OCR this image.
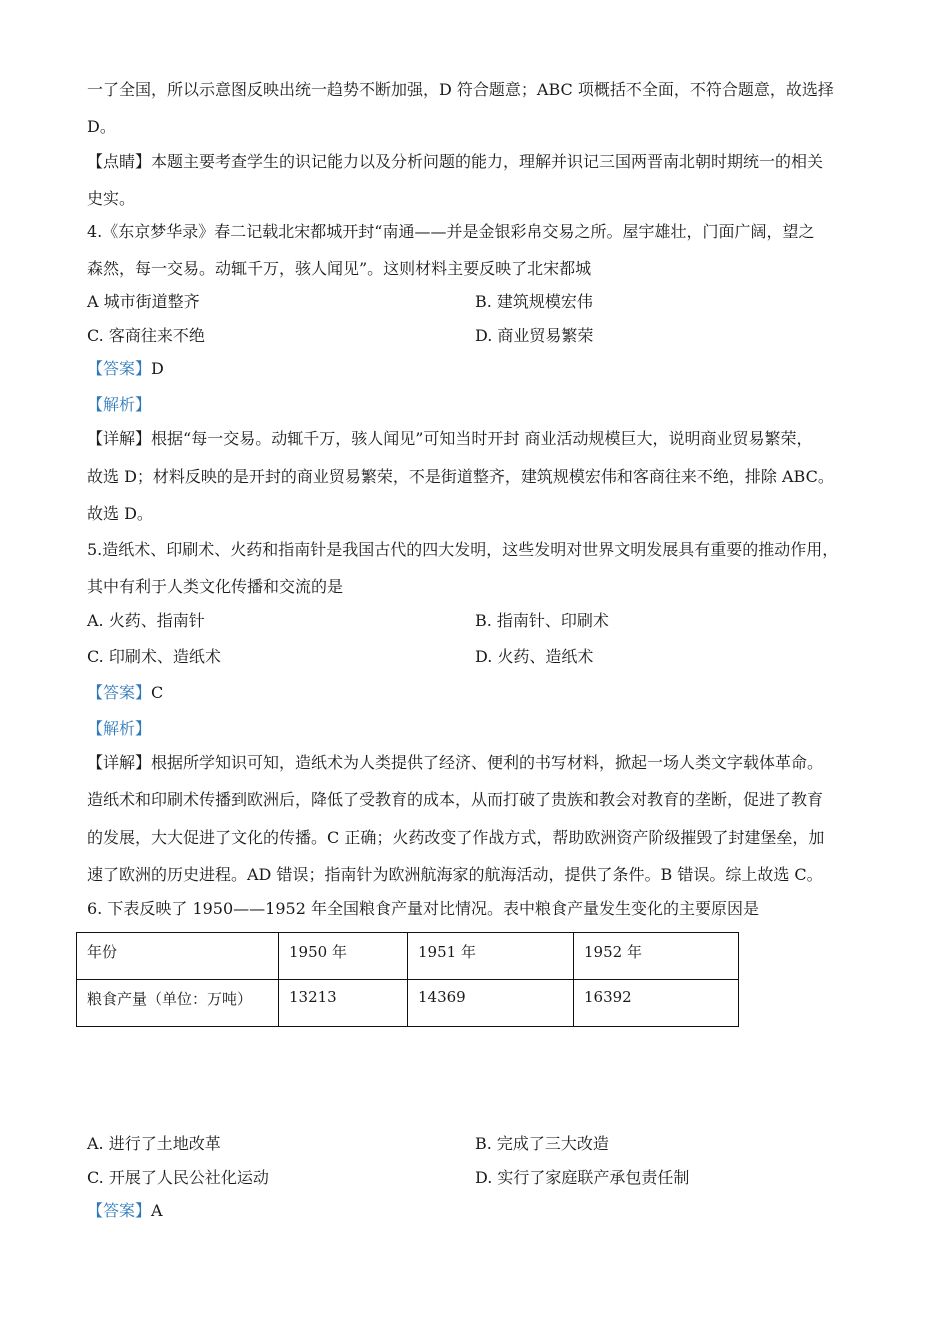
一了全国，所以示意图反映出统一趋势不断加强，D 符合题意；ABC 项概括不全面，不符合题意，故选择
D。
【点睛】本题主要考查学生的识记能力以及分析问题的能力，理解并识记三国两晋南北朝时期统一的相关
史实。
4.《东京梦华录》春二记载北宋都城开封“南通——并是金银彩帛交易之所。屋宇雄壮，门面广阔，望之
森然，每一交易。动辄千万，骇人闻见”。这则材料主要反映了北宋都城
A 城市街道整齐	B. 建筑规模宏伟
C. 客商往来不绝	D. 商业贸易繁荣
【答案】D
【解析】
【详解】根据“每一交易。动辄千万，骇人闻见”可知当时开封 商业活动规模巨大，说明商业贸易繁荣，
故选 D；材料反映的是开封的商业贸易繁荣，不是街道整齐，建筑规模宏伟和客商往来不绝，排除 ABC。
故选 D。
5.造纸术、印刷术、火药和指南针是我国古代的四大发明，这些发明对世界文明发展具有重要的推动作用，
其中有利于人类文化传播和交流的是
A. 火药、指南针	B. 指南针、印刷术
C. 印刷术、造纸术	D. 火药、造纸术
【答案】C
【解析】
【详解】根据所学知识可知，造纸术为人类提供了经济、便利的书写材料，掀起一场人类文字载体革命。
造纸术和印刷术传播到欧洲后，降低了受教育的成本，从而打破了贵族和教会对教育的垄断，促进了教育
的发展，大大促进了文化的传播。C 正确；火药改变了作战方式，帮助欧洲资产阶级摧毁了封建堡垒，加
速了欧洲的历史进程。AD 错误；指南针为欧洲航海家的航海活动，提供了条件。B 错误。综上故选 C。
6. 下表反映了 1950——1952 年全国粮食产量对比情况。表中粮食产量发生变化的主要原因是
年份	1950 年	1951 年	1952 年
粮食产量（单位：万吨）	13213	14369	16392
A. 进行了土地改革	B. 完成了三大改造
C. 开展了人民公社化运动	D. 实行了家庭联产承包责任制
【答案】A
